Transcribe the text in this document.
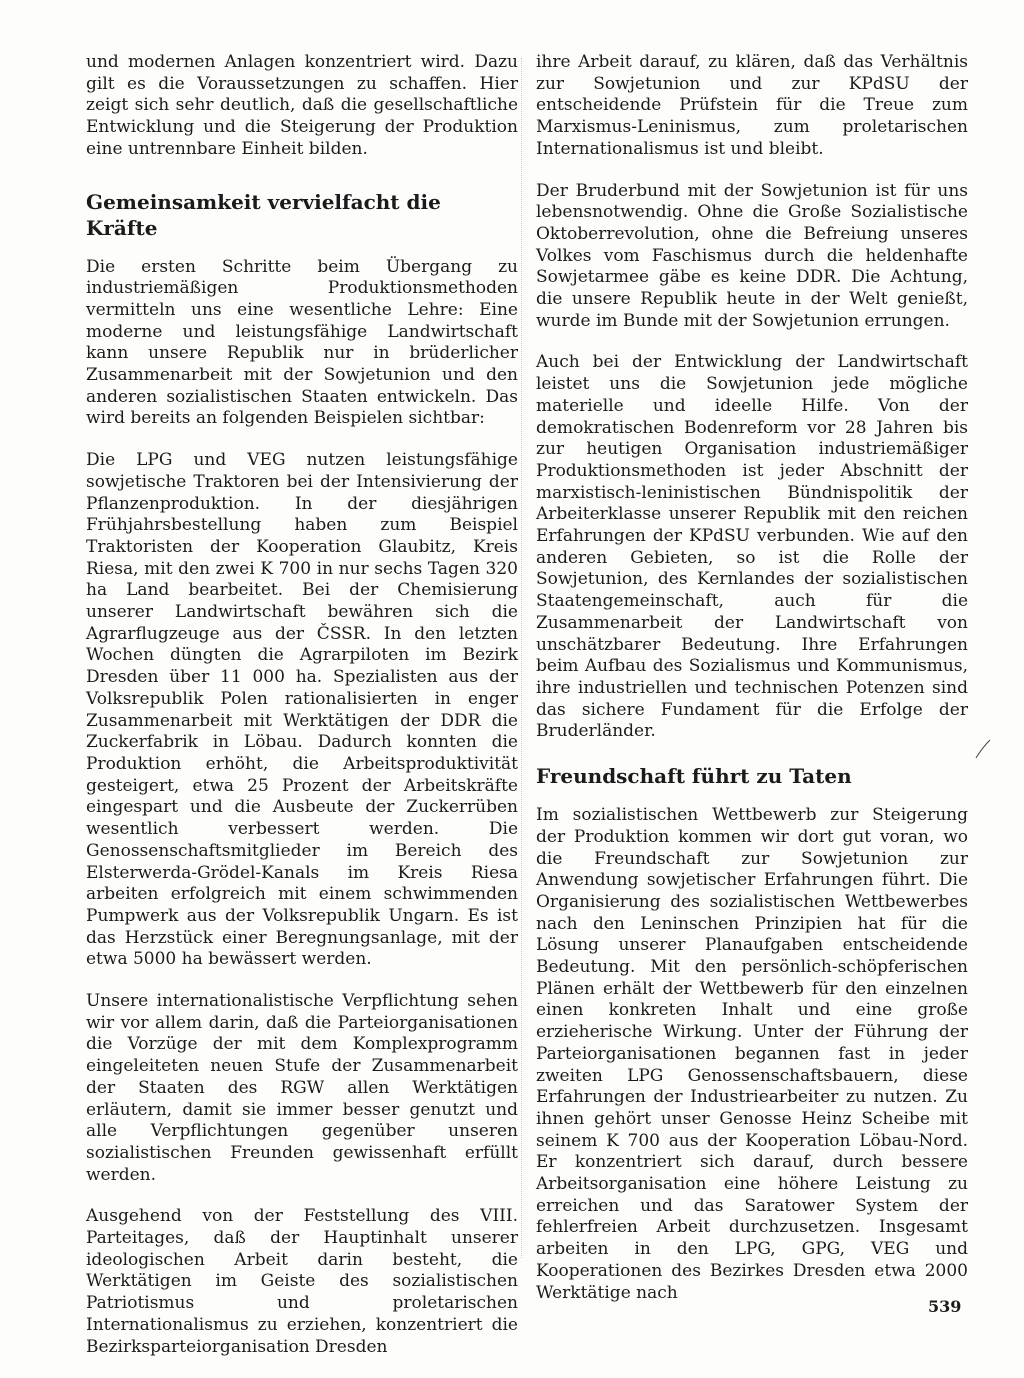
und modernen Anlagen konzentriert wird. Dazu gilt es die Voraussetzungen zu schaffen. Hier zeigt sich sehr deutlich, daß die gesellschaftliche Entwicklung und die Steigerung der Produktion eine untrennbare Einheit bilden.

Gemeinsamkeit vervielfacht die Kräfte

Die ersten Schritte beim Übergang zu industriemäßigen Produktionsmethoden vermitteln uns eine wesentliche Lehre: Eine moderne und leistungsfähige Landwirtschaft kann unsere Republik nur in brüderlicher Zusammenarbeit mit der Sowjetunion und den anderen sozialistischen Staaten entwickeln. Das wird bereits an folgenden Beispielen sichtbar:

Die LPG und VEG nutzen leistungsfähige sowjetische Traktoren bei der Intensivierung der Pflanzenproduktion. In der diesjährigen Frühjahrsbestellung haben zum Beispiel Traktoristen der Kooperation Glaubitz, Kreis Riesa, mit den zwei K 700 in nur sechs Tagen 320 ha Land bearbeitet. Bei der Chemisierung unserer Landwirtschaft bewähren sich die Agrarflugzeuge aus der ČSSR. In den letzten Wochen düngten die Agrarpiloten im Bezirk Dresden über 11 000 ha. Spezialisten aus der Volksrepublik Polen rationalisierten in enger Zusammenarbeit mit Werktätigen der DDR die Zuckerfabrik in Löbau. Dadurch konnten die Produktion erhöht, die Arbeitsproduktivität gesteigert, etwa 25 Prozent der Arbeitskräfte eingespart und die Ausbeute der Zuckerrüben wesentlich verbessert werden. Die Genossenschaftsmitglieder im Bereich des Elsterwerda-Grödel-Kanals im Kreis Riesa arbeiten erfolgreich mit einem schwimmenden Pumpwerk aus der Volksrepublik Ungarn. Es ist das Herzstück einer Beregnungsanlage, mit der etwa 5000 ha bewässert werden.

Unsere internationalistische Verpflichtung sehen wir vor allem darin, daß die Parteiorganisationen die Vorzüge der mit dem Komplexprogramm eingeleiteten neuen Stufe der Zusammenarbeit der Staaten des RGW allen Werktätigen erläutern, damit sie immer besser genutzt und alle Verpflichtungen gegenüber unseren sozialistischen Freunden gewissenhaft erfüllt werden.

Ausgehend von der Feststellung des VIII. Parteitages, daß der Hauptinhalt unserer ideologischen Arbeit darin besteht, die Werktätigen im Geiste des sozialistischen Patriotismus und proletarischen Internationalismus zu erziehen, konzentriert die Bezirksparteiorganisation Dresden

ihre Arbeit darauf, zu klären, daß das Verhältnis zur Sowjetunion und zur KPdSU der entscheidende Prüfstein für die Treue zum Marxismus-Leninismus, zum proletarischen Internationalismus ist und bleibt.

Der Bruderbund mit der Sowjetunion ist für uns lebensnotwendig. Ohne die Große Sozialistische Oktoberrevolution, ohne die Befreiung unseres Volkes vom Faschismus durch die heldenhafte Sowjetarmee gäbe es keine DDR. Die Achtung, die unsere Republik heute in der Welt genießt, wurde im Bunde mit der Sowjetunion errungen.

Auch bei der Entwicklung der Landwirtschaft leistet uns die Sowjetunion jede mögliche materielle und ideelle Hilfe. Von der demokratischen Bodenreform vor 28 Jahren bis zur heutigen Organisation industriemäßiger Produktionsmethoden ist jeder Abschnitt der marxistisch-leninistischen Bündnispolitik der Arbeiterklasse unserer Republik mit den reichen Erfahrungen der KPdSU verbunden. Wie auf den anderen Gebieten, so ist die Rolle der Sowjetunion, des Kernlandes der sozialistischen Staatengemeinschaft, auch für die Zusammenarbeit der Landwirtschaft von unschätzbarer Bedeutung. Ihre Erfahrungen beim Aufbau des Sozialismus und Kommunismus, ihre industriellen und technischen Potenzen sind das sichere Fundament für die Erfolge der Bruderländer.

Freundschaft führt zu Taten

Im sozialistischen Wettbewerb zur Steigerung der Produktion kommen wir dort gut voran, wo die Freundschaft zur Sowjetunion zur Anwendung sowjetischer Erfahrungen führt. Die Organisierung des sozialistischen Wettbewerbes nach den Leninschen Prinzipien hat für die Lösung unserer Planaufgaben entscheidende Bedeutung. Mit den persönlich-schöpferischen Plänen erhält der Wettbewerb für den einzelnen einen konkreten Inhalt und eine große erzieherische Wirkung. Unter der Führung der Parteiorganisationen begannen fast in jeder zweiten LPG Genossenschaftsbauern, diese Erfahrungen der Industriearbeiter zu nutzen. Zu ihnen gehört unser Genosse Heinz Scheibe mit seinem K 700 aus der Kooperation Löbau-Nord. Er konzentriert sich darauf, durch bessere Arbeitsorganisation eine höhere Leistung zu erreichen und das Saratower System der fehlerfreien Arbeit durchzusetzen. Insgesamt arbeiten in den LPG, GPG, VEG und Kooperationen des Bezirkes Dresden etwa 2000 Werktätige nach

539
